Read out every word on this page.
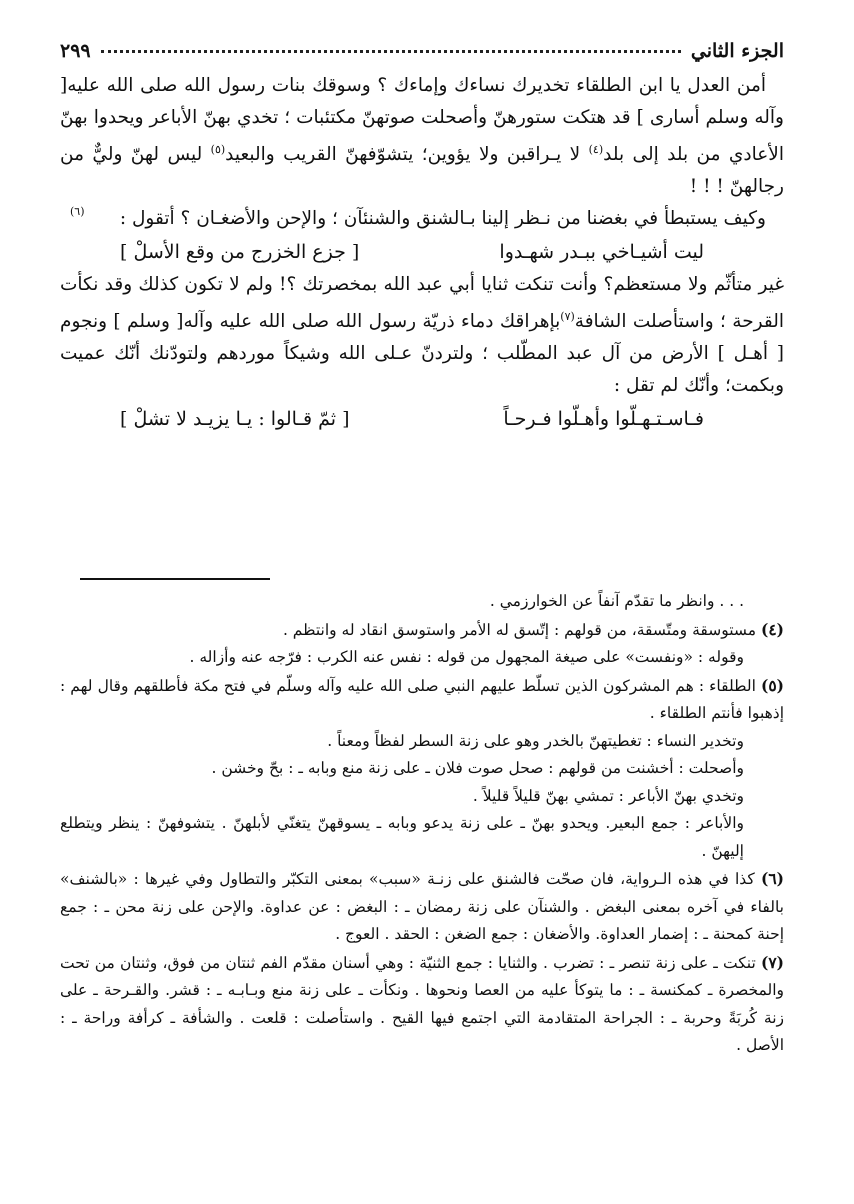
الجزء الثاني
٢٩٩
(٦)

أمن العدل يا ابن الطلقاء تخديرك نساءك وإماءك ؟ وسوقك بنات رسول الله صلى الله عليه[ وآله وسلم أسارى ] قد هتكت ستورهنّ وأصحلت صوتهنّ مكتئبات ؛ تخدي بهنّ الأباعر ويحدوا بهنّ الأعادي من بلد إلى بلد$^{(٤)}$ لا يـراقبن ولا يؤوين؛ يتشوّفهنّ القريب والبعيد$^{(٥)}$ ليس لهنّ وليٌّ من رجالهنّ ! ! !

وكيف يستبطأ في بغضنا من نـظر إلينا بـالشنق والشنئآن ؛ والإحن والأضغـان ؟ أتقول :

ليت أشيـاخي ببـدر شهـدوا
[ جزع الخزرج من وقع الأسلْ ]

غير متأثّم ولا مستعظم؟ وأنت تنكت ثنايا أبي عبد الله بمخصرتك ؟! ولم لا تكون كذلك وقد نكأت القرحة ؛ واستأصلت الشافة$^{(٧)}$بإهراقك دماء ذريّة رسول الله صلى الله عليه وآله[ وسلم ] ونجوم [ أهـل ] الأرض من آل عبد المطّلب ؛ ولتردنّ عـلى الله وشيكاً موردهم ولتودّنك أنّك عميت وبكمت؛ وأنّك لم تقل :

فـاسـتـهـلّوا وأهـلّوا فـرحـاً
[ ثمّ قـالوا : يـا يزيـد لا تشلْ ]

. . . وانظر ما تقدّم آنفاً عن الخوارزمي .

(٤) مستوسقة ومتّسقة، من قولهم : إتّسق له الأمر واستوسق انقاد له وانتظم .

وقوله : «ونفست» على صيغة المجهول من قوله : نفس عنه الكرب : فرّجه عنه وأزاله .

(٥) الطلقاء : هم المشركون الذين تسلّط عليهم النبي صلى الله عليه وآله وسلّم في فتح مكة فأطلقهم وقال لهم : إذهبوا فأنتم الطلقاء .

وتخدير النساء : تغطيتهنّ بالخدر وهو على زنة السطر لفظاً ومعناً .

وأصحلت : أخشنت من قولهم : صحل صوت فلان ـ على زنة منع وبابه ـ : بحّ وخشن .

وتخدي بهنّ الأباعر : تمشي بهنّ قليلاً قليلاً .

والأباعر : جمع البعير. ويحدو بهنّ ـ على زنة يدعو وبابه ـ يسوقهنّ يتغنّي لأبلهنّ . يتشوفهنّ : ينظر ويتطلع إليهنّ .

(٦) كذا في هذه الـرواية، فان صحّت فالشنق على زنـة «سبب» بمعنى التكبّر والتطاول وفي غيرها : «بالشنف» بالفاء في آخره بمعنى البغض . والشنآن على زنة رمضان ـ : البغض : عن عداوة. والإحن على زنة محن ـ : جمع إحنة كمحنة ـ : إضمار العداوة. والأضغان : جمع الضغن : الحقد . العوج .

(٧) تنكت ـ على زنة تنصر ـ : تضرب . والثنايا : جمع الثنيّة : وهي أسنان مقدّم الفم ثنتان من فوق، وثنتان من تحت والمخصرة ـ كمكنسة ـ : ما يتوكأ عليه من العصا ونحوها . ونكأت ـ على زنة منع وبـابـه ـ : قشر. والقـرحة ـ على زنة كُربَةً وحربة ـ : الجراحة المتقادمة التي اجتمع فيها القيح . واستأصلت : قلعت . والشأفة ـ كرأفة وراحة ـ : الأصل .
